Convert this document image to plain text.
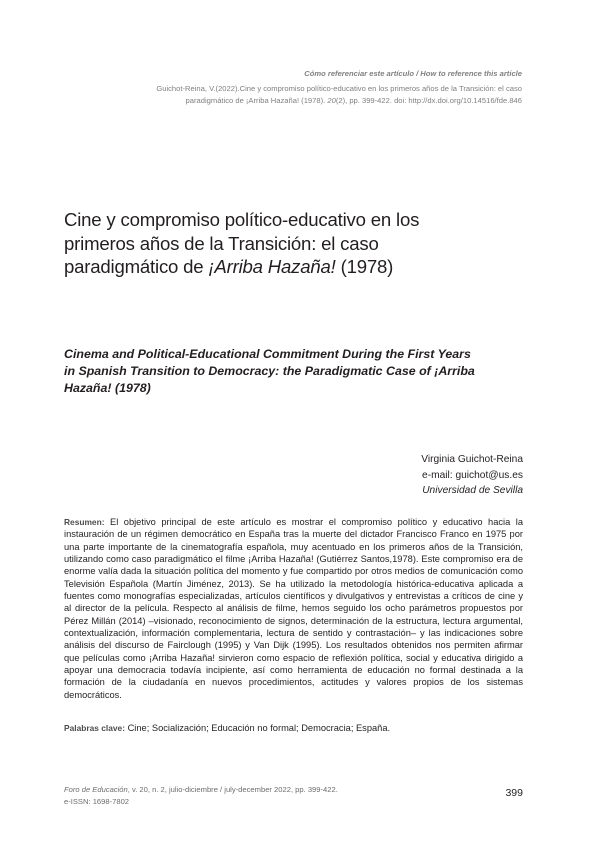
Cómo referenciar este artículo / How to reference this article
Guichot-Reina, V.(2022).Cine y compromiso político-educativo en los primeros años de la Transición: el caso paradigmático de ¡Arriba Hazaña! (1978). 20(2), pp. 399-422. doi: http://dx.doi.org/10.14516/fde.846
Cine y compromiso político-educativo en los primeros años de la Transición: el caso paradigmático de ¡Arriba Hazaña! (1978)
Cinema and Political-Educational Commitment During the First Years in Spanish Transition to Democracy: the Paradigmatic Case of ¡Arriba Hazaña! (1978)
Virginia Guichot-Reina
e-mail: guichot@us.es
Universidad de Sevilla

Resumen: El objetivo principal de este artículo es mostrar el compromiso político y educativo hacia la instauración de un régimen democrático en España tras la muerte del dictador Francisco Franco en 1975 por una parte importante de la cinematografía española, muy acentuado en los primeros años de la Transición, utilizando como caso paradigmático el filme ¡Arriba Hazaña! (Gutiérrez Santos,1978). Este compromiso era de enorme valía dada la situación política del momento y fue compartido por otros medios de comunicación como Televisión Española (Martín Jiménez, 2013). Se ha utilizado la metodología histórica-educativa aplicada a fuentes como monografías especializadas, artículos científicos y divulgativos y entrevistas a críticos de cine y al director de la película. Respecto al análisis de filme, hemos seguido los ocho parámetros propuestos por Pérez Millán (2014) –visionado, reconocimiento de signos, determinación de la estructura, lectura argumental, contextualización, información complementaria, lectura de sentido y contrastación– y las indicaciones sobre análisis del discurso de Fairclough (1995) y Van Dijk (1995). Los resultados obtenidos nos permiten afirmar que películas como ¡Arriba Hazaña! sirvieron como espacio de reflexión política, social y educativa dirigido a apoyar una democracia todavía incipiente, así como herramienta de educación no formal destinada a la formación de la ciudadanía en nuevos procedimientos, actitudes y valores propios de los sistemas democráticos.

Palabras clave: Cine; Socialización; Educación no formal; Democracia; España.

Foro de Educación, v. 20, n. 2, julio-diciembre / july-december 2022, pp. 399-422.
e-ISSN: 1698-7802
399
